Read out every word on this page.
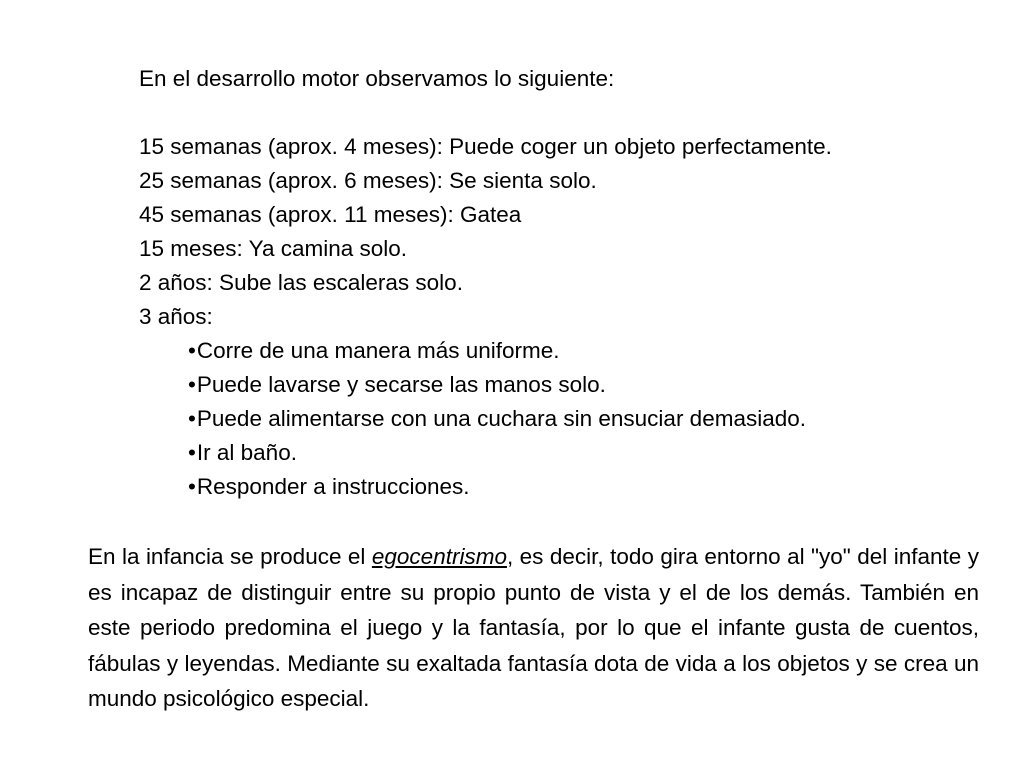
En el desarrollo motor observamos lo siguiente:

15 semanas (aprox. 4 meses): Puede coger un objeto perfectamente.

25 semanas (aprox. 6 meses): Se sienta solo.

45 semanas (aprox. 11 meses): Gatea

15 meses: Ya camina solo.

2 años: Sube las escaleras solo.

3 años:

•Corre de una manera más uniforme.
•Puede lavarse y secarse las manos solo.
•Puede alimentarse con una cuchara sin ensuciar demasiado.
•Ir al baño.
•Responder a instrucciones.

En la infancia se produce el egocentrismo, es decir, todo gira entorno al "yo" del infante y es incapaz de distinguir entre su propio punto de vista y el de los demás. También en este periodo predomina el juego y la fantasía, por lo que el infante gusta de cuentos, fábulas y leyendas. Mediante su exaltada fantasía dota de vida a los objetos y se crea un mundo psicológico especial.
